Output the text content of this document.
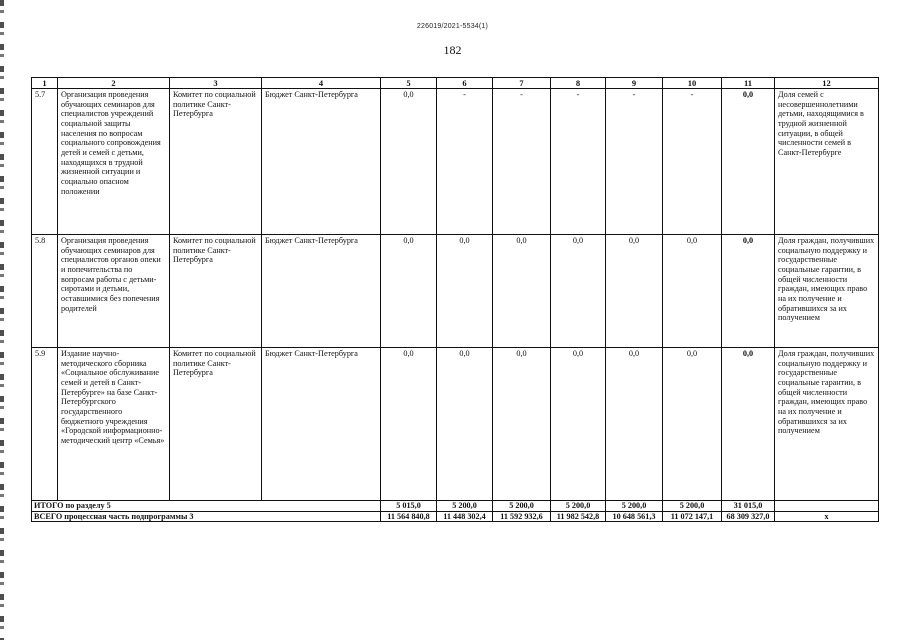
226019/2021-5534(1)
182
1	2	3	4	5	6	7	8	9	10	11	12
5.7	Организация проведения обучающих семинаров для специалистов учреждений социальной защиты населения по вопросам социального сопровождения детей и семей с детьми, находящихся в трудной жизненной ситуации и социально опасном положении	Комитет по социальной политике Санкт-Петербурга	Бюджет Санкт-Петербурга	0,0	-	-	-	-	-	0,0	Доля семей с несовершеннолетними детьми, находящимися в трудной жизненной ситуации, в общей численности семей в Санкт-Петербурге
5.8	Организация проведения обучающих семинаров для специалистов органов опеки и попечительства по вопросам работы с детьми-сиротами и детьми, оставшимися без попечения родителей	Комитет по социальной политике Санкт-Петербурга	Бюджет Санкт-Петербурга	0,0	0,0	0,0	0,0	0,0	0,0	0,0	Доля граждан, получивших социальную поддержку и государственные социальные гарантии, в общей численности граждан, имеющих право на их получение и обратившихся за их получением
5.9	Издание научно-методического сборника «Социальное обслуживание семей и детей в Санкт-Петербурге» на базе Санкт-Петербургского государственного бюджетного учреждения «Городской информационно-методический центр «Семья»	Комитет по социальной политике Санкт-Петербурга	Бюджет Санкт-Петербурга	0,0	0,0	0,0	0,0	0,0	0,0	0,0	Доля граждан, получивших социальную поддержку и государственные социальные гарантии, в общей численности граждан, имеющих право на их получение и обратившихся за их получением
ИТОГО по разделу 5				5 015,0	5 200,0	5 200,0	5 200,0	5 200,0	5 200,0	31 015,0	
ВСЕГО процессная часть подпрограммы 3				11 564 840,8	11 448 302,4	11 592 932,6	11 982 542,8	10 648 561,3	11 072 147,1	68 309 327,0	х
